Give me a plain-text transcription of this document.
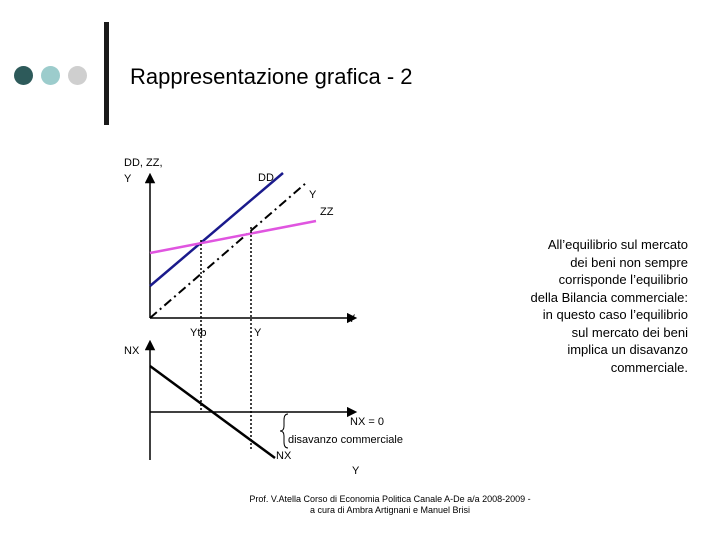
Rappresentazione grafica - 2
DD, ZZ,
Y	DD
Y
ZZ
Y
Ytb	Y
NX
NX = 0
disavanzo commerciale
NX
Y
All’equilibrio sul mercato
dei beni non sempre
corrisponde l’equilibrio
della Bilancia commerciale:
in questo caso l’equilibrio
sul mercato dei beni
implica un disavanzo
commerciale.
Prof. V.Atella Corso di Economia Politica Canale A-De a/a 2008-2009 -
a cura di Ambra Artignani e Manuel Brisi
